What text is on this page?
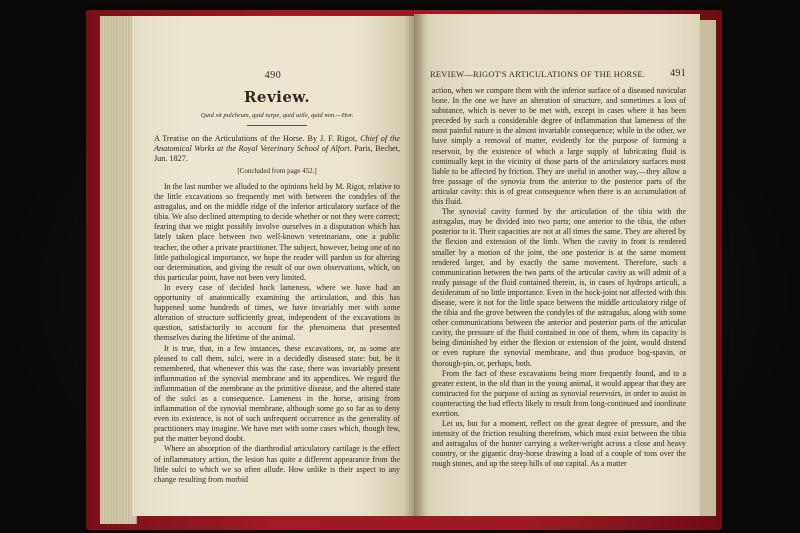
490
Review.
Quid sit pulchrum, quid turpe, quid utile, quid non.—Hor.

A Treatise on the Articulations of the Horse. By J. F. Rigot, Chief of the Anatomical Works at the Royal Veterinary School of Alfort. Paris, Bechet, Jun. 1827.

[Concluded from page 452.]

In the last number we alluded to the opinions held by M. Rigot, relative to the little excavations so frequently met with between the condyles of the astragalus, and on the middle ridge of the inferior articulatory surface of the tibia. We also declined attempting to decide whether or not they were correct; fearing that we might possibly involve ourselves in a disputation which has lately taken place between two well-known veterinarians, one a public teacher, the other a private practitioner. The subject, however, being one of no little pathological importance, we hope the reader will pardon us for altering our determination, and giving the result of our own observations, which, on this particular point, have not been very limited.

In every case of decided hock lameness, where we have had an opportunity of anatomically examining the articulation, and this has happened some hundreds of times, we have invariably met with some alteration of structure sufficiently great, independent of the excavations in question, satisfactorily to account for the phenomena that presented themselves during the lifetime of the animal.

It is true, that, in a few instances, these excavations, or, as some are pleased to call them, sulci, were in a decidedly diseased state: but, be it remembered, that whenever this was the case, there was invariably present inflammation of the synovial membrane and its appendices. We regard the inflammation of the membrane as the primitive disease, and the altered state of the sulci as a consequence. Lameness in the horse, arising from inflammation of the synovial membrane, although some go so far as to deny even its existence, is not of such unfrequent occurrence as the generality of practitioners may imagine. We have met with some cases which, though few, put the matter beyond doubt.

Where an absorption of the diarthrodial articulatory cartilage is the effect of inflammatory action, the lesion has quite a different appearance from the little sulci to which we so often allude. How unlike is their aspect to any change resulting from morbid

REVIEW—RIGOT'S ARTICULATIONS OF THE HORSE. 491

action, when we compare them with the inferior surface of a diseased navicular bone. In the one we have an alteration of structure, and sometimes a loss of substance, which is never to be met with, except in cases where it has been preceded by such a considerable degree of inflammation that lameness of the most painful nature is the almost invariable consequence; while in the other, we have simply a removal of matter, evidently for the purpose of forming a reservoir, by the existence of which a large supply of lubricating fluid is continually kept in the vicinity of those parts of the articulatory surfaces most liable to be affected by friction. They are useful in another way,—they allow a free passage of the synovia from the anterior to the posterior parts of the articular cavity: this is of great consequence when there is an accumulation of this fluid.

The synovial cavity formed by the articulation of the tibia with the astragalus, may be divided into two parts; one anterior to the tibia, the other posterior to it. Their capacities are not at all times the same. They are altered by the flexion and extension of the limb. When the cavity in front is rendered smaller by a motion of the joint, the one posterior is at the same moment rendered larger, and by exactly the same movement. Therefore, such a communication between the two parts of the articular cavity as will admit of a ready passage of the fluid contained therein, is, in cases of hydrops articuli, a desideratum of no little importance. Even in the hock-joint not affected with this disease, were it not for the little space between the middle articulatory ridge of the tibia and the grove between the condyles of the astragalus, along with some other communications between the anterior and posterior parts of the articular cavity, the pressure of the fluid contained in one of them, when its capacity is being diminished by either the flexion or extension of the joint, would distend or even rupture the synovial membrane, and thus produce bog-spavin, or thorough-pin, or, perhaps, both.

From the fact of these excavations being more frequently found, and to a greater extent, in the old than in the young animal, it would appear that they are constructed for the purpose of acting as synovial reservoirs, in order to assist in counteracting the bad effects likely to result from long-continued and inordinate exertion.

Let us, but for a moment, reflect on the great degree of pressure, and the intensity of the friction resulting therefrom, which must exist between the tibia and astragalus of the hunter carrying a welter-weight across a close and heavy country, or the gigantic dray-horse drawing a load of a couple of tons over the rough stones, and up the steep hills of our capital. As a matter
